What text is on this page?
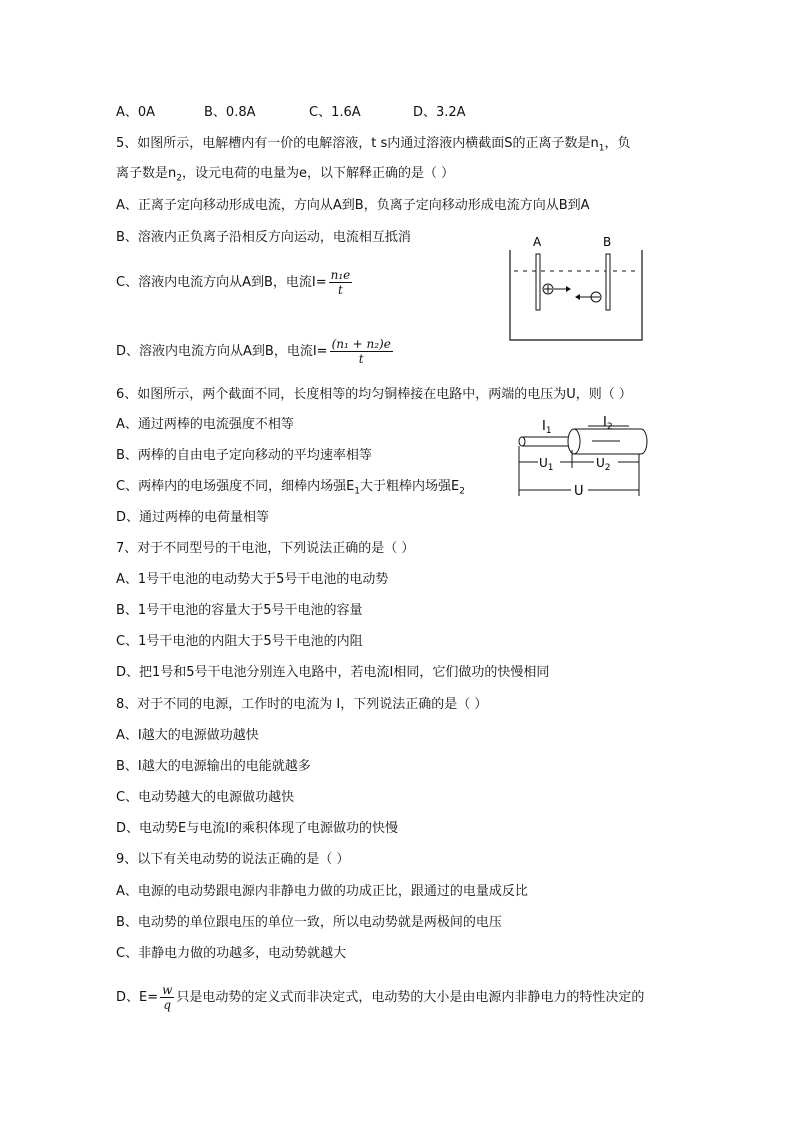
A、0A	B、0.8A	C、1.6A	D、3.2A
5、如图所示，电解槽内有一价的电解溶液，t s内通过溶液内横截面S的正离子数是$n_1$，负
离子数是$n_2$，设元电荷的电量为e，以下解释正确的是（ ）
A、正离子定向移动形成电流，方向从A到B，负离子定向移动形成电流方向从B到A
B、溶液内正负离子沿相反方向运动，电流相互抵消
C、溶液内电流方向从A到B，电流$I= \frac{\text{n₁e}}{t}$
D、溶液内电流方向从A到B，电流$I= \frac{\text{(n₁ + n₂)e}}{t}$
A	B
6、如图所示，两个截面不同，长度相等的均匀铜棒接在电路中，两端的电压为U，则（ ）
A、通过两棒的电流强度不相等
B、两棒的自由电子定向移动的平均速率相等
C、两棒内的电场强度不同，细棒内场强$E_1$大于粗棒内场强$E_2$
D、通过两棒的电荷量相等
$I_1$
$I_2$
$U_1$	$U_2$
U
7、对于不同型号的干电池，下列说法正确的是（ ）
A、1号干电池的电动势大于5号干电池的电动势
B、1号干电池的容量大于5号干电池的容量
C、1号干电池的内阻大于5号干电池的内阻
D、把1号和5号干电池分别连入电路中，若电流I相同，它们做功的快慢相同
8、对于不同的电源，工作时的电流为 I，下列说法正确的是（ ）
A、I越大的电源做功越快
B、I越大的电源输出的电能就越多
C、电动势越大的电源做功越快
D、电动势E与电流I的乘积体现了电源做功的快慢
9、以下有关电动势的说法正确的是（ ）
A、电源的电动势跟电源内非静电力做的功成正比，跟通过的电量成反比
B、电动势的单位跟电压的单位一致，所以电动势就是两极间的电压
C、非静电力做的功越多，电动势就越大
D、$E= \frac{w}{q}$ 只是电动势的定义式而非决定式，电动势的大小是由电源内非静电力的特性决定的
